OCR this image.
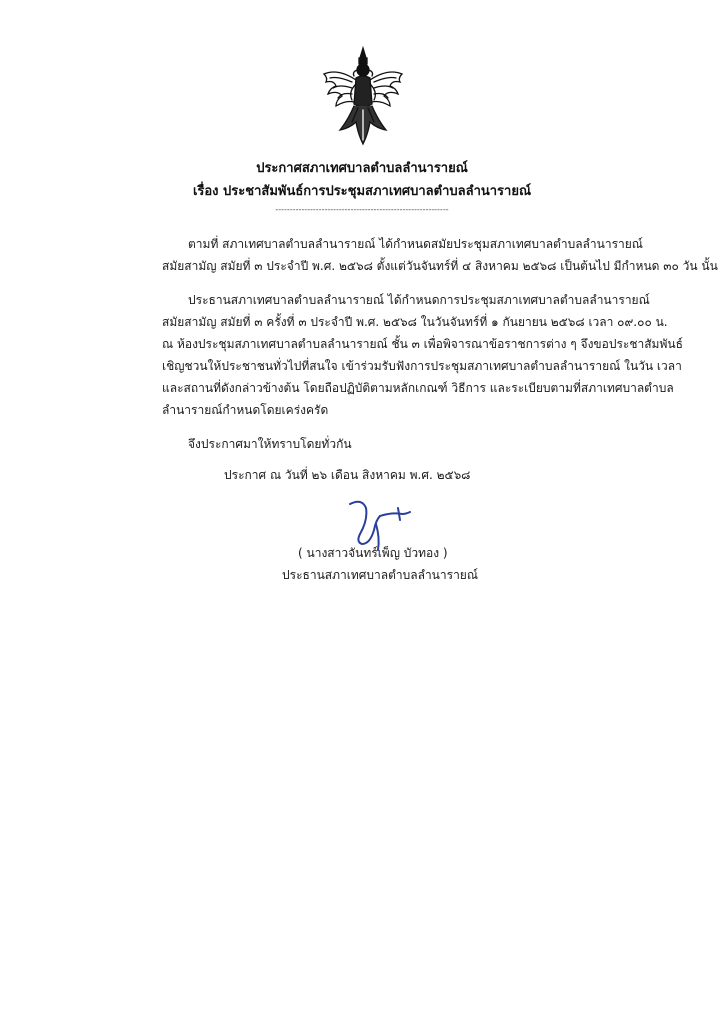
ประกาศสภาเทศบาลตำบลลำนารายณ์
เรื่อง ประชาสัมพันธ์การประชุมสภาเทศบาลตำบลลำนารายณ์
------------------------------------------------------------
ตามที่ สภาเทศบาลตำบลลำนารายณ์ ได้กำหนดสมัยประชุมสภาเทศบาลตำบลลำนารายณ์
สมัยสามัญ สมัยที่ ๓ ประจำปี พ.ศ. ๒๕๖๘ ตั้งแต่วันจันทร์ที่ ๔ สิงหาคม ๒๕๖๘ เป็นต้นไป มีกำหนด ๓๐ วัน นั้น
ประธานสภาเทศบาลตำบลลำนารายณ์ ได้กำหนดการประชุมสภาเทศบาลตำบลลำนารายณ์
สมัยสามัญ สมัยที่ ๓ ครั้งที่ ๓ ประจำปี พ.ศ. ๒๕๖๘ ในวันจันทร์ที่ ๑ กันยายน ๒๕๖๘ เวลา ๐๙.๐๐ น.
ณ ห้องประชุมสภาเทศบาลตำบลลำนารายณ์ ชั้น ๓ เพื่อพิจารณาข้อราชการต่าง ๆ จึงขอประชาสัมพันธ์
เชิญชวนให้ประชาชนทั่วไปที่สนใจ เข้าร่วมรับฟังการประชุมสภาเทศบาลตำบลลำนารายณ์ ในวัน เวลา
และสถานที่ดังกล่าวข้างต้น โดยถือปฏิบัติตามหลักเกณฑ์ วิธีการ และระเบียบตามที่สภาเทศบาลตำบล
ลำนารายณ์กำหนดโดยเคร่งครัด
จึงประกาศมาให้ทราบโดยทั่วกัน
ประกาศ ณ วันที่ ๒๖ เดือน สิงหาคม พ.ศ. ๒๕๖๘
( นางสาวจันทร์เพ็ญ บัวทอง )
ประธานสภาเทศบาลตำบลลำนารายณ์
